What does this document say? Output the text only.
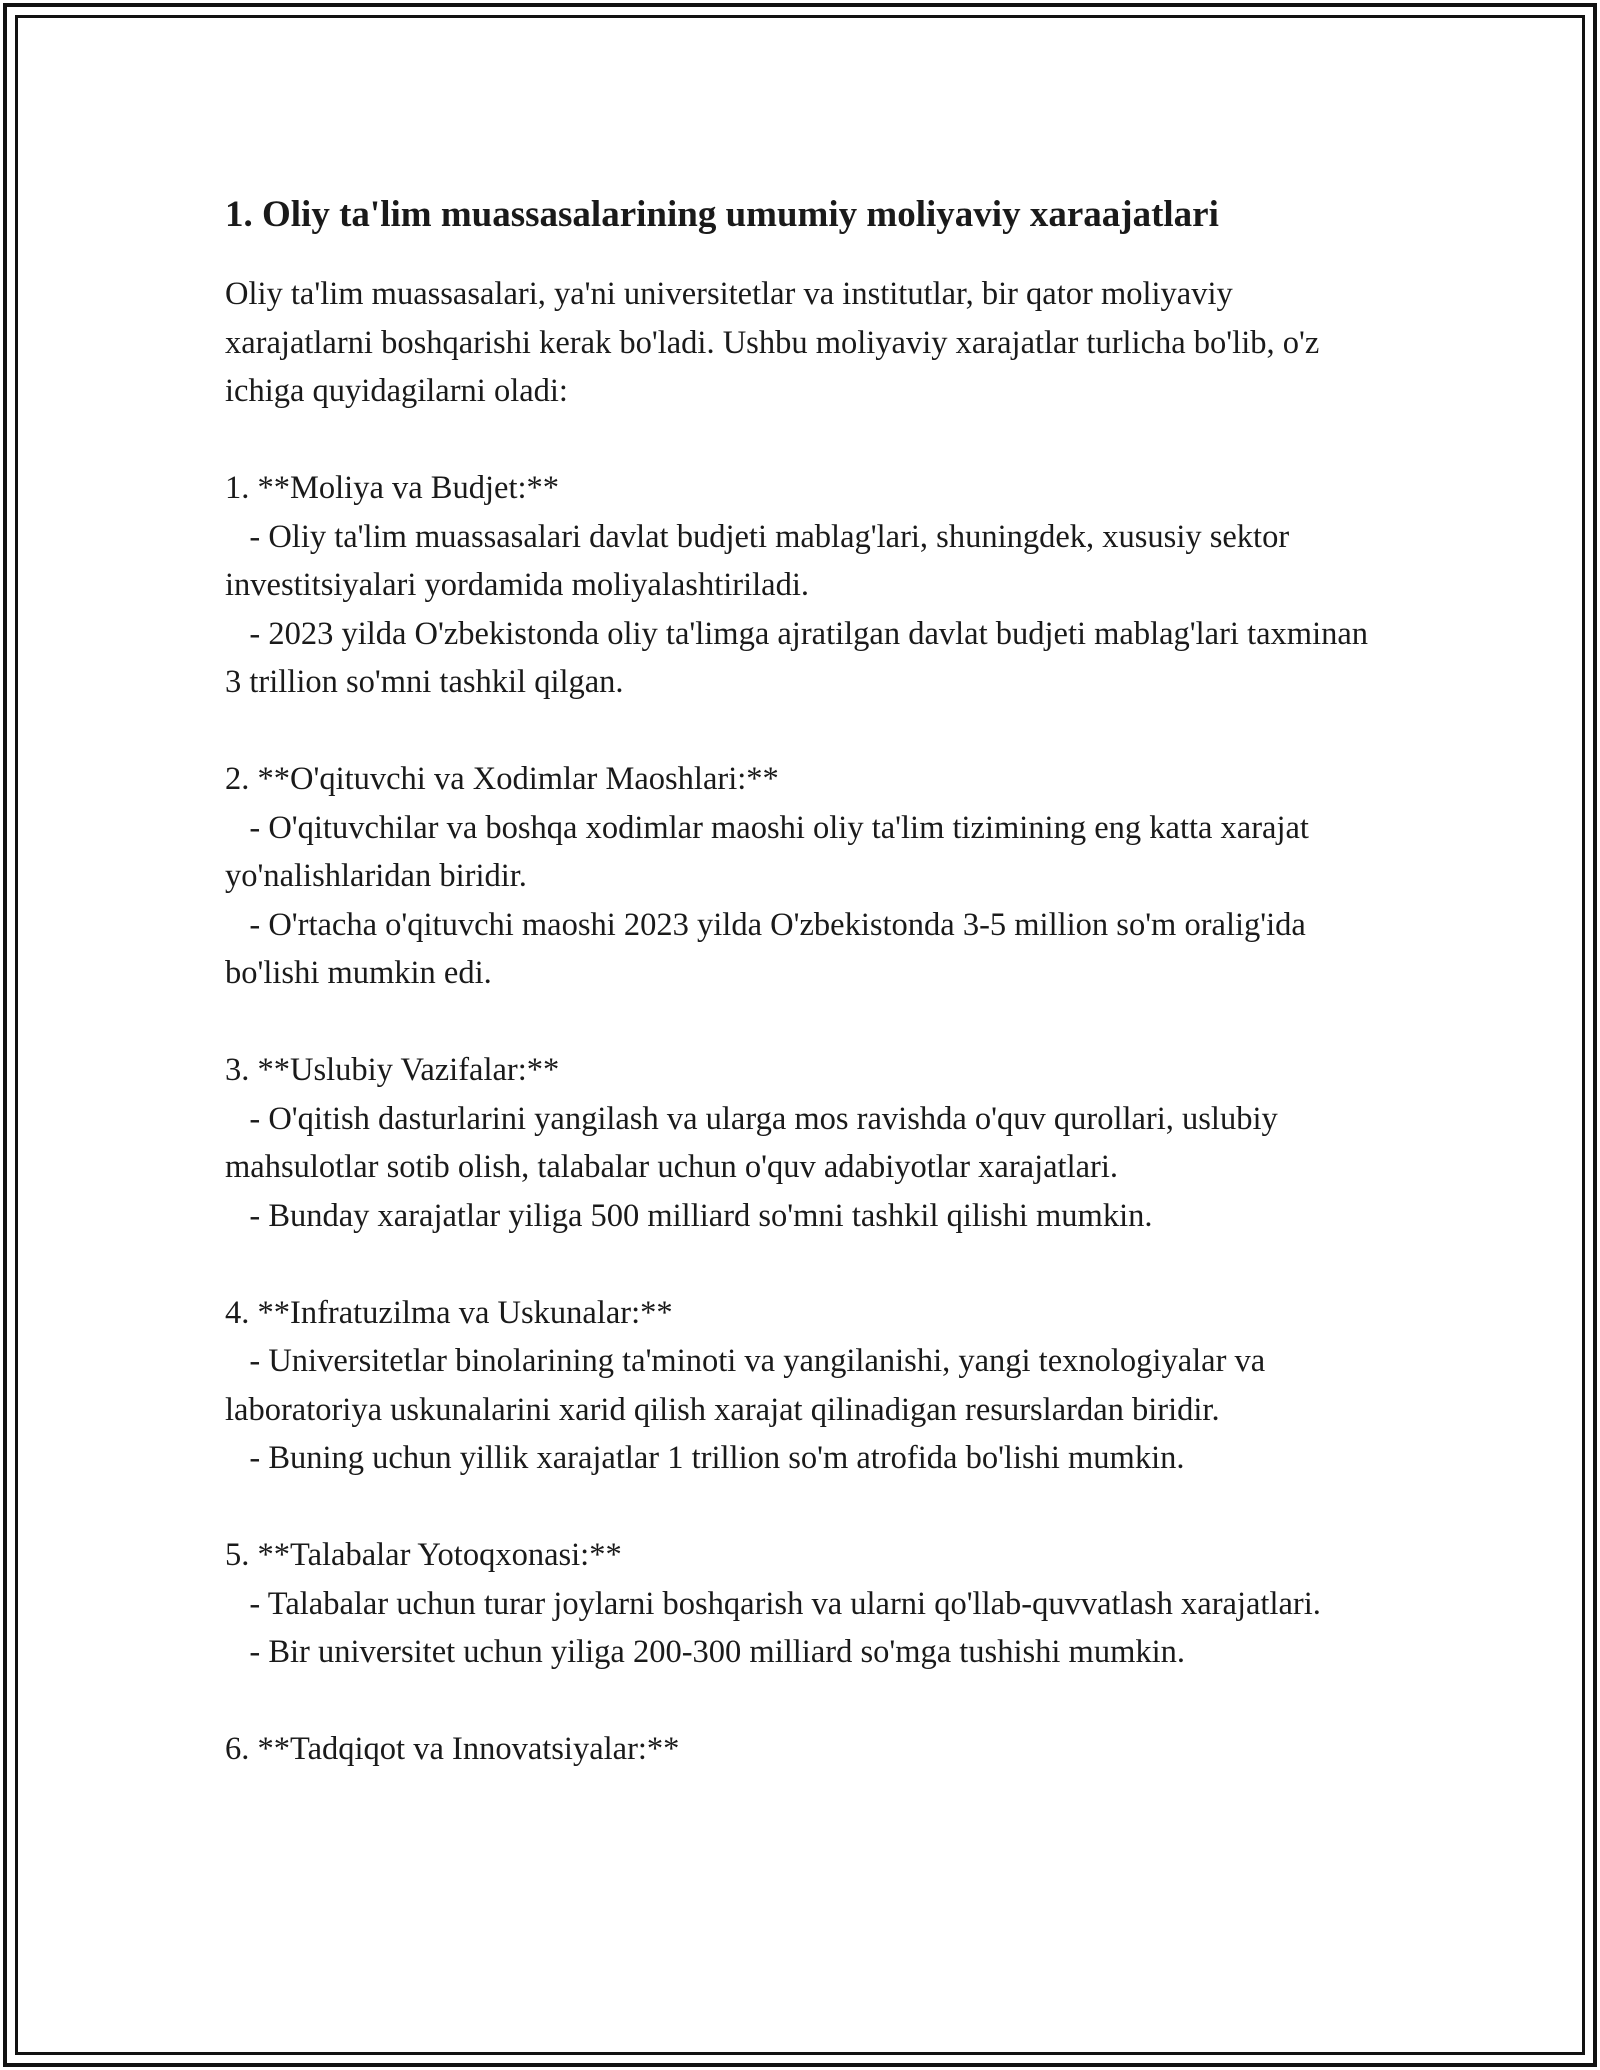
1. Oliy ta'lim muassasalarining umumiy moliyaviy xaraajatlari

Oliy ta'lim muassasalari, ya'ni universitetlar va institutlar, bir qator moliyaviy xarajatlarni boshqarishi kerak bo'ladi. Ushbu moliyaviy xarajatlar turlicha bo'lib, o'z ichiga quyidagilarni oladi:

1. **Moliya va Budjet:**

- Oliy ta'lim muassasalari davlat budjeti mablag'lari, shuningdek, xususiy sektor investitsiyalari yordamida moliyalashtiriladi.

- 2023 yilda O'zbekistonda oliy ta'limga ajratilgan davlat budjeti mablag'lari taxminan 3 trillion so'mni tashkil qilgan.

2. **O'qituvchi va Xodimlar Maoshlari:**

- O'qituvchilar va boshqa xodimlar maoshi oliy ta'lim tizimining eng katta xarajat yo'nalishlaridan biridir.

- O'rtacha o'qituvchi maoshi 2023 yilda O'zbekistonda 3-5 million so'm oralig'ida bo'lishi mumkin edi.

3. **Uslubiy Vazifalar:**

- O'qitish dasturlarini yangilash va ularga mos ravishda o'quv qurollari, uslubiy mahsulotlar sotib olish, talabalar uchun o'quv adabiyotlar xarajatlari.

- Bunday xarajatlar yiliga 500 milliard so'mni tashkil qilishi mumkin.

4. **Infratuzilma va Uskunalar:**

- Universitetlar binolarining ta'minoti va yangilanishi, yangi texnologiyalar va laboratoriya uskunalarini xarid qilish xarajat qilinadigan resurslardan biridir.

- Buning uchun yillik xarajatlar 1 trillion so'm atrofida bo'lishi mumkin.

5. **Talabalar Yotoqxonasi:**

- Talabalar uchun turar joylarni boshqarish va ularni qo'llab-quvvatlash xarajatlari.

- Bir universitet uchun yiliga 200-300 milliard so'mga tushishi mumkin.

6. **Tadqiqot va Innovatsiyalar:**
